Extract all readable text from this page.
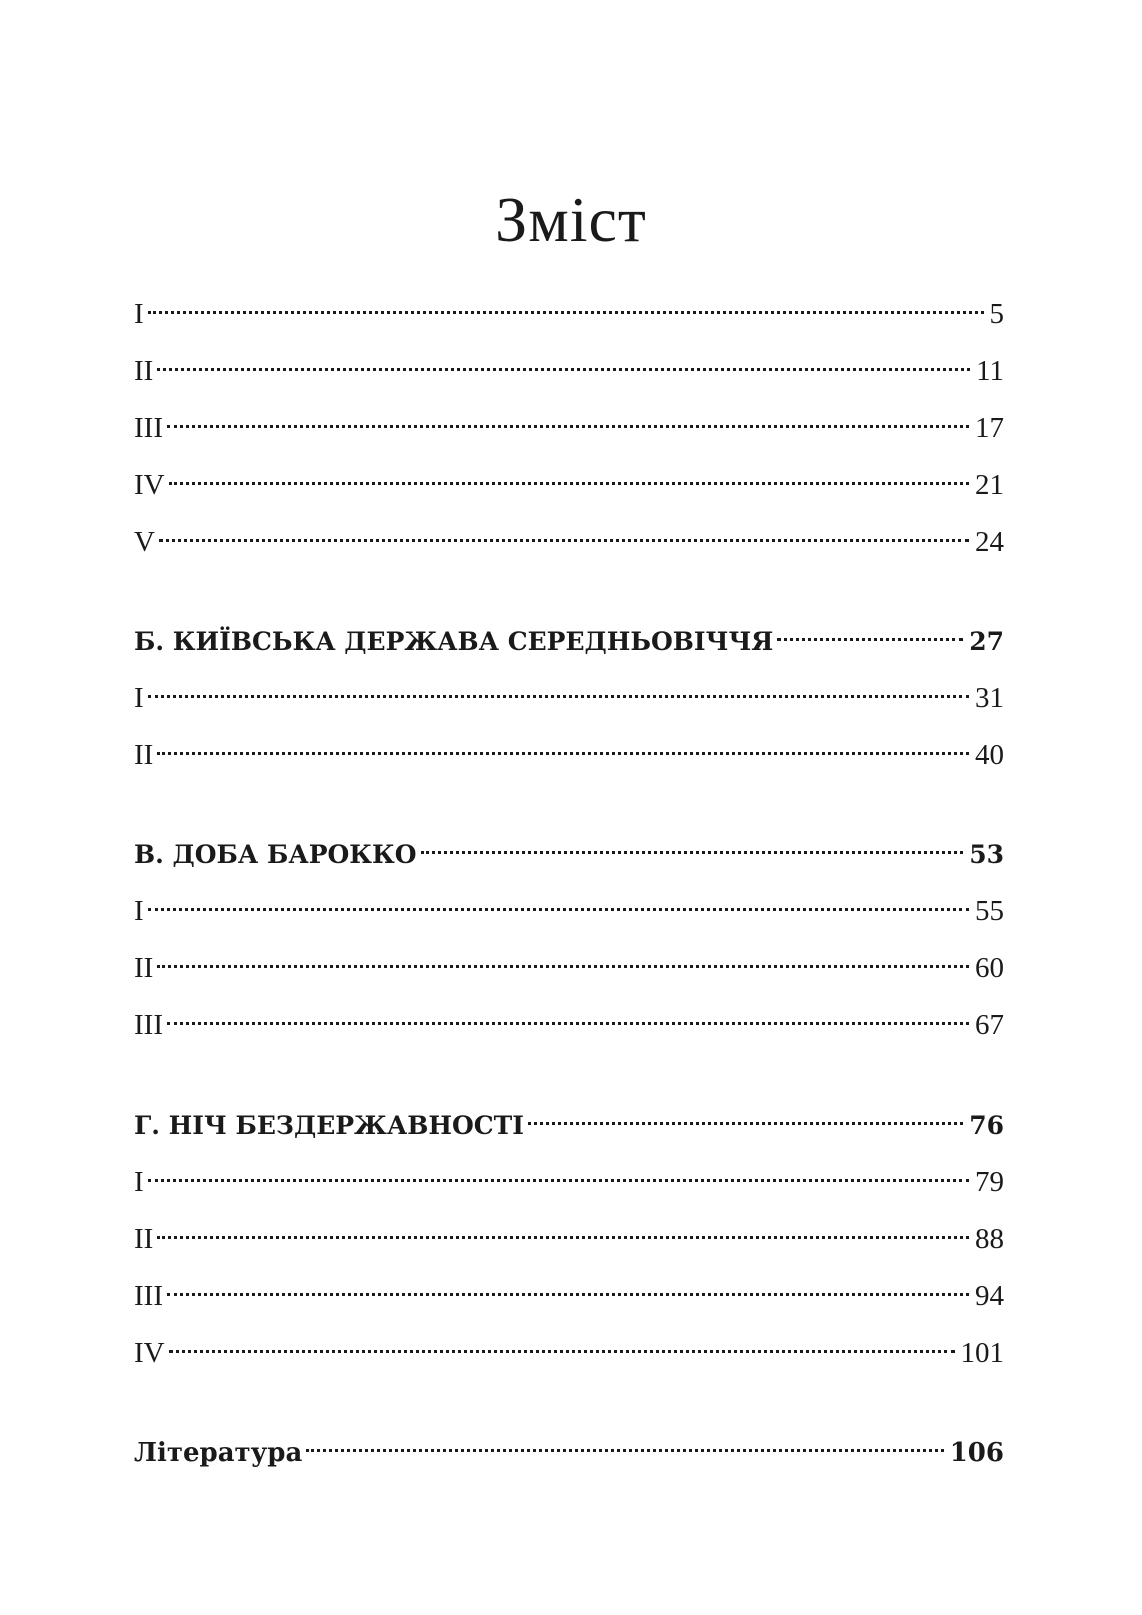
Зміст
I	5
II	11
III	17
IV	21
V	24
Б. КИЇВСЬКА ДЕРЖАВА СЕРЕДНЬОВІЧЧЯ	27
I	31
II	40
В. ДОБА БАРОККО	53
I	55
II	60
III	67
Г. НІЧ БЕЗДЕРЖАВНОСТІ	76
I	79
II	88
III	94
IV	101
Література	106
